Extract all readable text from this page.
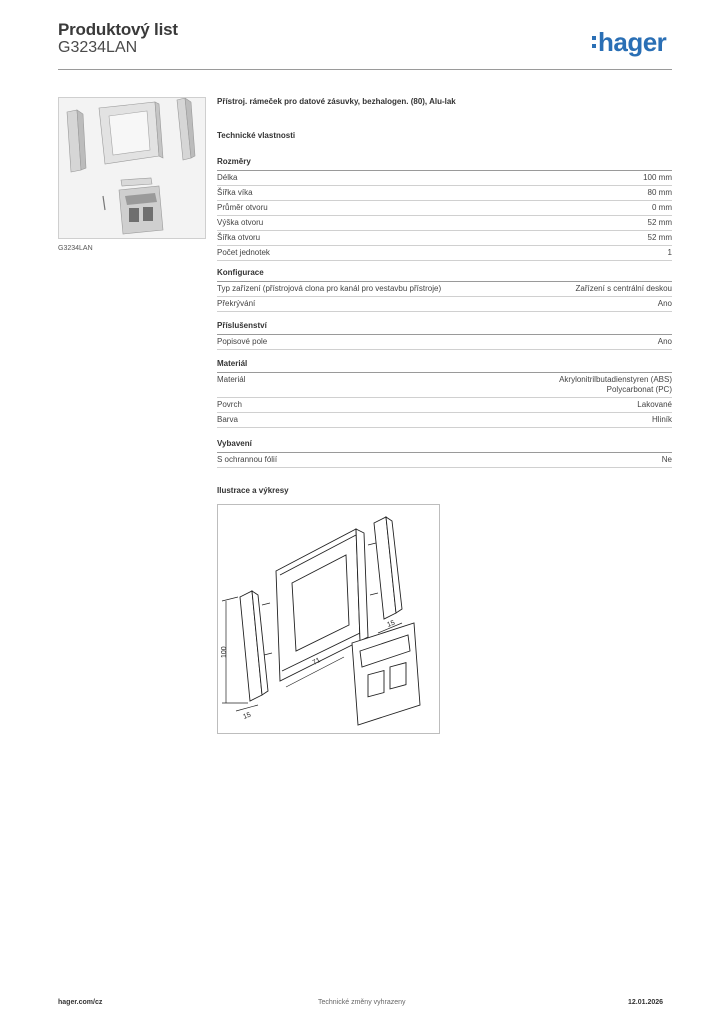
Produktový list
G3234LAN	hager
G3234LAN
Přístroj. rámeček pro datové zásuvky, bezhalogen. (80), Alu-lak
Technické vlastnosti
Rozměry
Délka	100 mm
Šířka víka	80 mm
Průměr otvoru	0 mm
Výška otvoru	52 mm
Šířka otvoru	52 mm
Počet jednotek	1
Konfigurace
Typ zařízení (přístrojová clona pro kanál pro vestavbu přístroje)	Zařízení s centrální deskou
Překrývání	Ano
Příslušenství
Popisové pole	Ano
Materiál
Materiál	Akrylonitrilbutadienstyren (ABS)
Polycarbonat (PC)
Povrch	Lakované
Barva	Hliník
Vybavení
S ochrannou fólií	Ne
Ilustrace a výkresy
100
71
15
15
hager.com/cz	Technické změny vyhrazeny	12.01.2026
